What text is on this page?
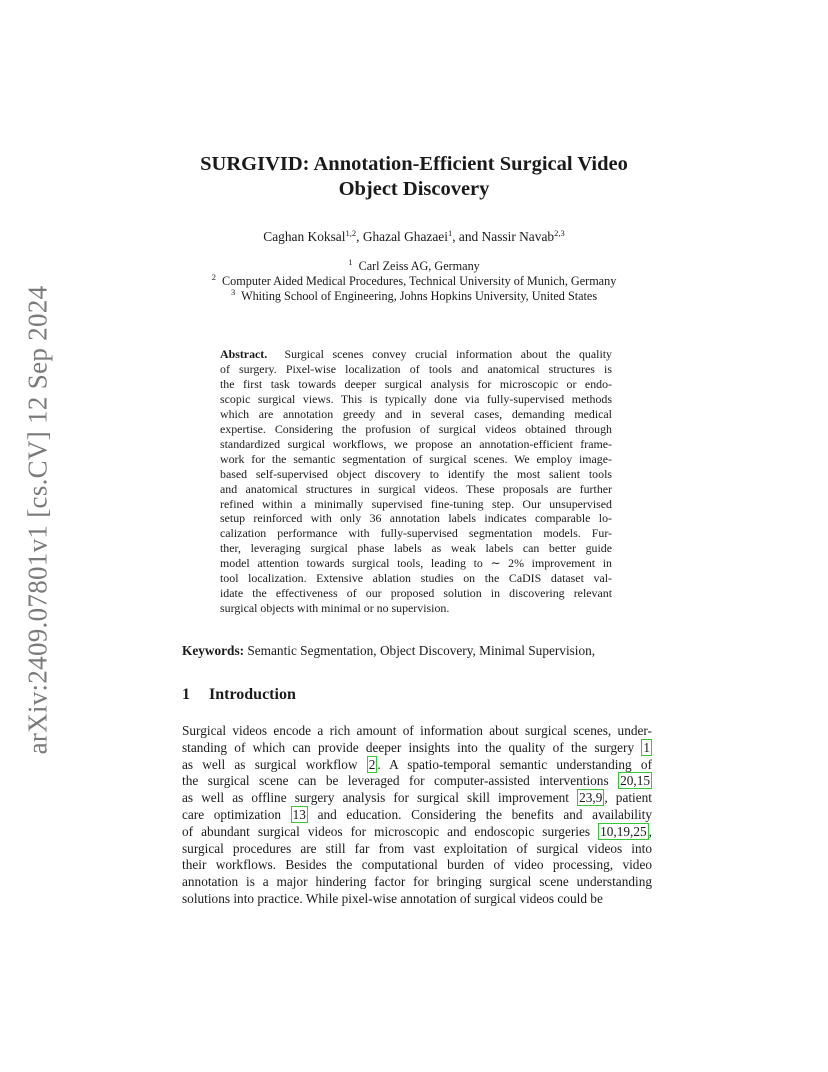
arXiv:2409.07801v1 [cs.CV] 12 Sep 2024
SURGIVID: Annotation-Efficient Surgical Video
Object Discovery
Caghan Koksal$^{1,2}$, Ghazal Ghazaei$^1$, and Nassir Navab$^{2,3}$
$^1$ Carl Zeiss AG, Germany
$^2$ Computer Aided Medical Procedures, Technical University of Munich, Germany
$^3$ Whiting School of Engineering, Johns Hopkins University, United States
Abstract. Surgical scenes convey crucial information about the quality
of surgery. Pixel-wise localization of tools and anatomical structures is
the first task towards deeper surgical analysis for microscopic or endo-
scopic surgical views. This is typically done via fully-supervised methods
which are annotation greedy and in several cases, demanding medical
expertise. Considering the profusion of surgical videos obtained through
standardized surgical workflows, we propose an annotation-efficient frame-
work for the semantic segmentation of surgical scenes. We employ image-
based self-supervised object discovery to identify the most salient tools
and anatomical structures in surgical videos. These proposals are further
refined within a minimally supervised fine-tuning step. Our unsupervised
setup reinforced with only 36 annotation labels indicates comparable lo-
calization performance with fully-supervised segmentation models. Fur-
ther, leveraging surgical phase labels as weak labels can better guide
model attention towards surgical tools, leading to ∼ 2% improvement in
tool localization. Extensive ablation studies on the CaDIS dataset val-
idate the effectiveness of our proposed solution in discovering relevant
surgical objects with minimal or no supervision.
Keywords: Semantic Segmentation, Object Discovery, Minimal Supervision,
1 Introduction
Surgical videos encode a rich amount of information about surgical scenes, under-
standing of which can provide deeper insights into the quality of the surgery 1
as well as surgical workflow 2 . A spatio-temporal semantic understanding of
the surgical scene can be leveraged for computer-assisted interventions 20,15
as well as offline surgery analysis for surgical skill improvement 23,9 , patient
care optimization 13 and education. Considering the benefits and availability
of abundant surgical videos for microscopic and endoscopic surgeries 10,19,25 ,
surgical procedures are still far from vast exploitation of surgical videos into
their workflows. Besides the computational burden of video processing, video
annotation is a major hindering factor for bringing surgical scene understanding
solutions into practice. While pixel-wise annotation of surgical videos could be
